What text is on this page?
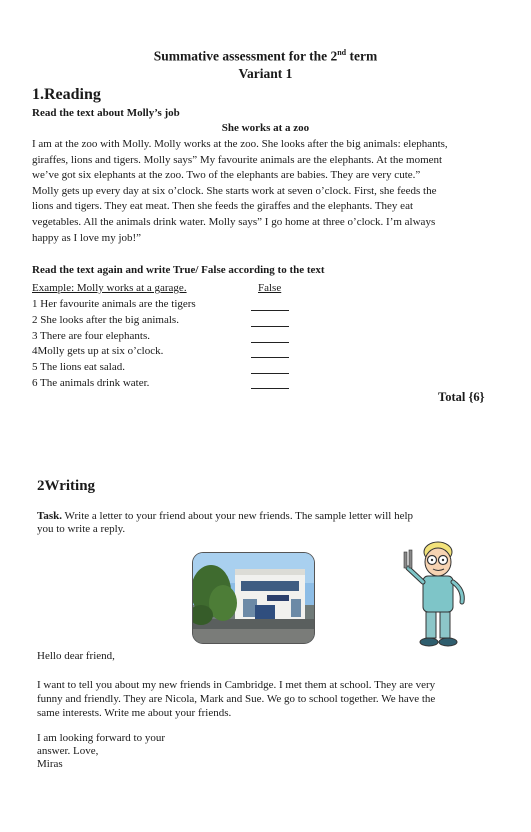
Summative assessment for the 2nd term
Variant 1
1.Reading
Read the text about Molly’s job
She works at a zoo
I am at the zoo with Molly. Molly works at the zoo. She looks after the big animals: elephants,
giraffes, lions and tigers. Molly says” My favourite animals are the elephants. At the moment
we’ve got six elephants at the zoo. Two of the elephants are babies. They are very cute.”
Molly gets up every day at six o’clock. She starts work at seven o’clock. First, she feeds the
lions and tigers. They eat meat. Then she feeds the giraffes and the elephants. They eat
vegetables. All the animals drink water. Molly says” I go home at three o’clock. I’m always
happy as I love my job!”
Read the text again and write True/ False according to the text
Example: Molly works at a garage.	False
1 Her favourite animals are the tigers
2 She looks after the big animals.
3 There are four elephants.
4Molly gets up at six o’clock.
5 The lions eat salad.
6 The animals drink water.
Total {6}
2Writing
Task. Write a letter to your friend about your new friends. The sample letter will help
you to write a reply.
Hello dear friend,
I want to tell you about my new friends in Cambridge. I met them at school. They are very
funny and friendly. They are Nicola, Mark and Sue. We go to school together. We have the
same interests. Write me about your friends.
I am looking forward to your
answer. Love,
Miras
